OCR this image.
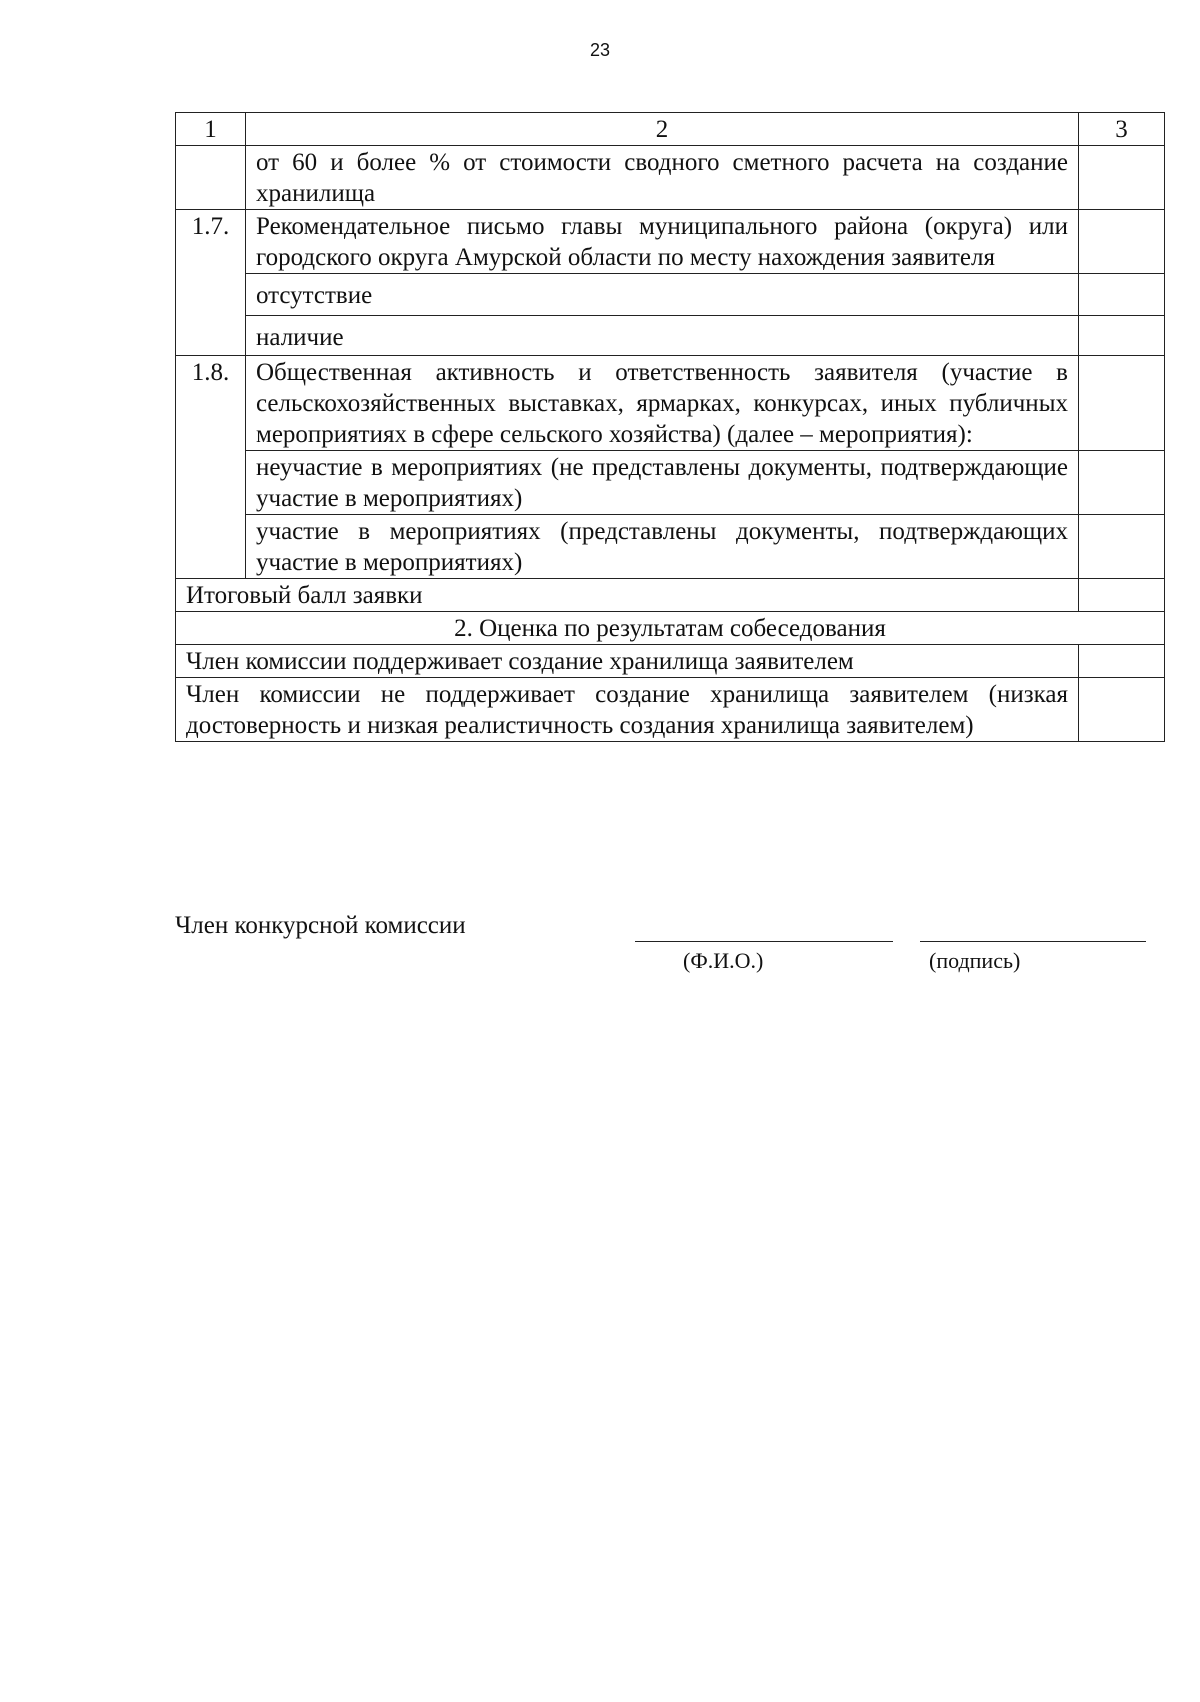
23
1	2	3
	от 60 и более % от стоимости сводного сметного расчета на создание хранилища	
1.7.	Рекомендательное письмо главы муниципального района (округа) или городского округа Амурской области по месту нахождения заявителя	
	отсутствие	
	наличие	
1.8.	Общественная активность и ответственность заявителя (участие в сельскохозяйственных выставках, ярмарках, конкурсах, иных публичных мероприятиях в сфере сельского хозяйства) (далее – мероприятия):	
	неучастие в мероприятиях (не представлены документы, подтверждающие участие в мероприятиях)	
	участие в мероприятиях (представлены документы, подтверждающих участие в мероприятиях)	
Итоговый балл заявки		
2. Оценка по результатам собеседования		
Член комиссии поддерживает создание хранилища заявителем		
Член комиссии не поддерживает создание хранилища заявителем (низкая достоверность и низкая реалистичность создания хранилища заявителем)		
Член конкурсной комиссии
(Ф.И.О.)	(подпись)
